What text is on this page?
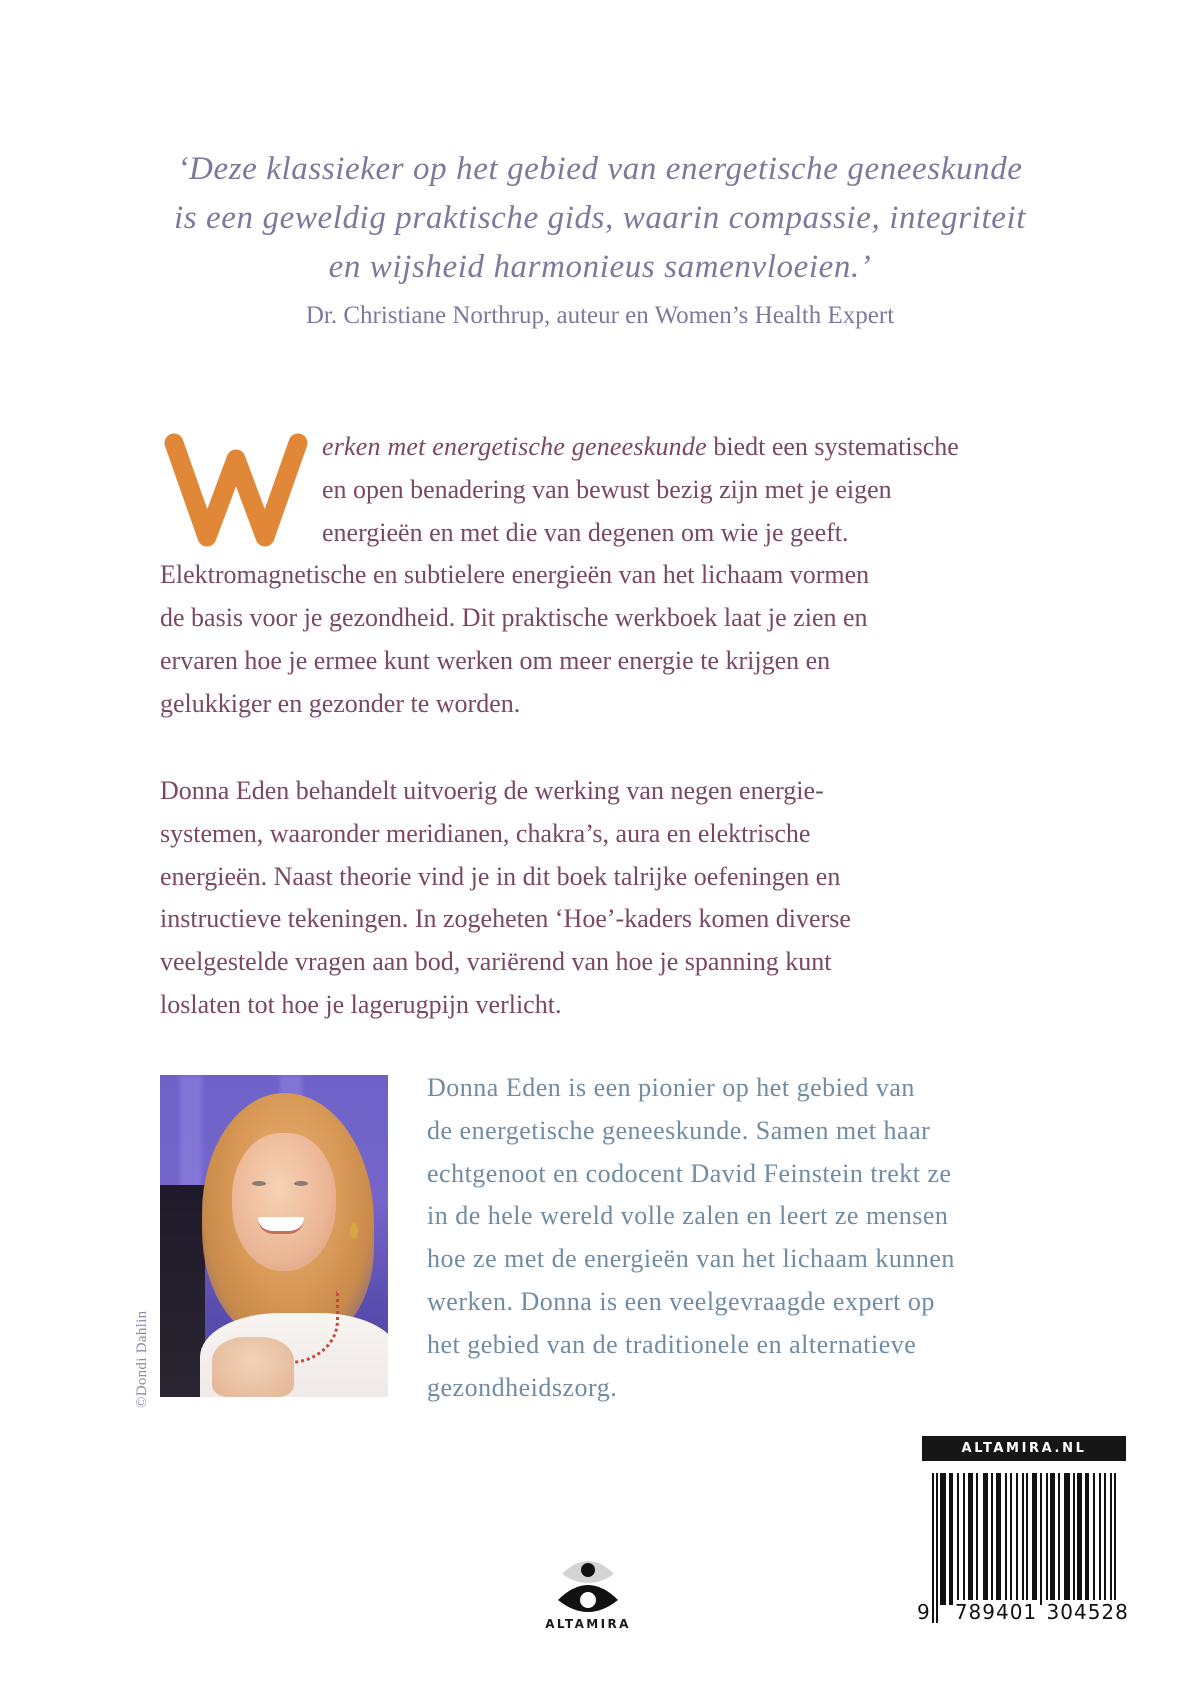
‘Deze klassieker op het gebied van energetische geneeskunde
is een geweldig praktische gids, waarin compassie, integriteit
en wijsheid harmonieus samenvloeien.’
Dr. Christiane Northrup, auteur en Women’s Health Expert
erken met energetische geneeskunde biedt een systematische
en open benadering van bewust bezig zijn met je eigen
energieën en met die van degenen om wie je geeft.
Elektromagnetische en subtielere energieën van het lichaam vormen
de basis voor je gezondheid. Dit praktische werkboek laat je zien en
ervaren hoe je ermee kunt werken om meer energie te krijgen en
gelukkiger en gezonder te worden.
Donna Eden behandelt uitvoerig de werking van negen energie-
systemen, waaronder meridianen, chakra’s, aura en elektrische
energieën. Naast theorie vind je in dit boek talrijke oefeningen en
instructieve tekeningen. In zogeheten ‘Hoe’-kaders komen diverse
veelgestelde vragen aan bod, variërend van hoe je spanning kunt
loslaten tot hoe je lagerugpijn verlicht.
©Dondi Dahlin
Donna Eden is een pionier op het gebied van
de energetische geneeskunde. Samen met haar
echtgenoot en codocent David Feinstein trekt ze
in de hele wereld volle zalen en leert ze mensen
hoe ze met de energieën van het lichaam kunnen
werken. Donna is een veelgevraagde expert op
het gebied van de traditionele en alternatieve
gezondheidszorg.
ALTAMIRA
ALTAMIRA.NL
9 789401 304528
